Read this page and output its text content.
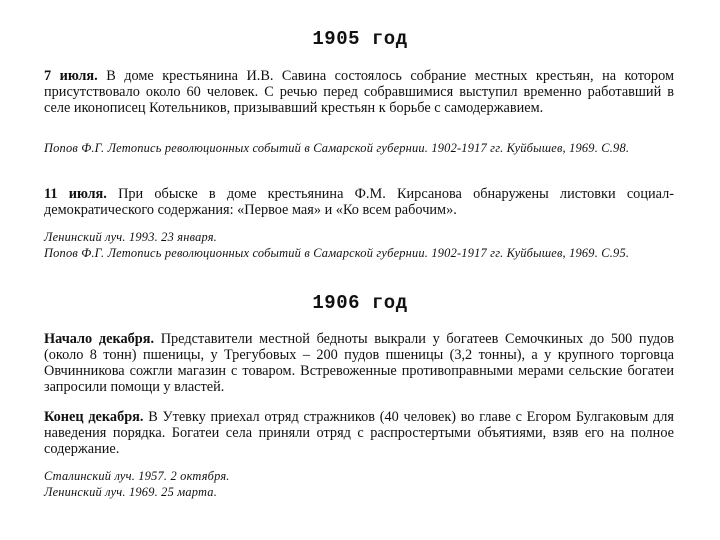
1905 год
7 июля. В доме крестьянина И.В. Савина состоялось собрание местных крестьян, на котором присутствовало около 60 человек. С речью перед собравшимися выступил временно работавший в селе иконописец Котельников, призывавший крестьян к борьбе с самодержавием.
Попов Ф.Г. Летопись революционных событий в Самарской губернии. 1902-1917 гг. Куйбышев, 1969. С.98.
11 июля. При обыске в доме крестьянина Ф.М. Кирсанова обнаружены листовки социал-демократического содержания: «Первое мая» и «Ко всем рабочим».
Ленинский луч. 1993. 23 января.
Попов Ф.Г. Летопись революционных событий в Самарской губернии. 1902-1917 гг. Куйбышев, 1969. С.95.
1906 год
Начало декабря. Представители местной бедноты выкрали у богатеев Семочкиных до 500 пудов (около 8 тонн) пшеницы, у Трегубовых – 200 пудов пшеницы (3,2 тонны), а у крупного торговца Овчинникова сожгли магазин с товаром. Встревоженные противоправными мерами сельские богатеи запросили помощи у властей.
Конец декабря. В Утевку приехал отряд стражников (40 человек) во главе с Егором Булгаковым для наведения порядка. Богатеи села приняли отряд с распростертыми объятиями, взяв его на полное содержание.
Сталинский луч. 1957. 2 октября.
Ленинский луч. 1969. 25 марта.
